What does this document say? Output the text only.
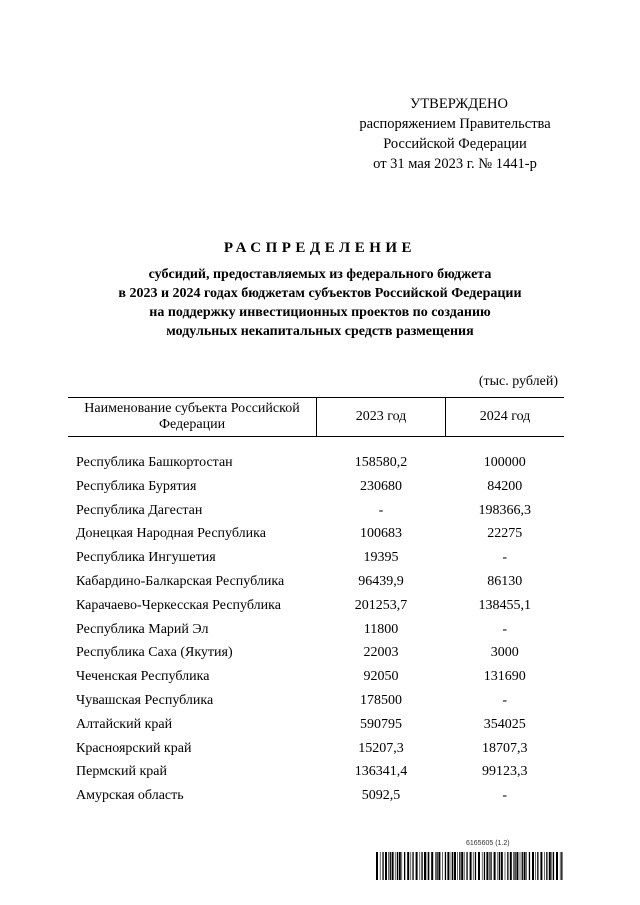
УТВЕРЖДЕНО
распоряжением Правительства
Российской Федерации
от 31 мая 2023 г. № 1441-р
РАСПРЕДЕЛЕНИЕ
субсидий, предоставляемых из федерального бюджета
в 2023 и 2024 годах бюджетам субъектов Российской Федерации
на поддержку инвестиционных проектов по созданию
модульных некапитальных средств размещения
(тыс. рублей)
Наименование субъекта Российской Федерации	2023 год	2024 год

Республика Башкортостан	158580,2	100000
Республика Бурятия	230680	84200
Республика Дагестан	-	198366,3
Донецкая Народная Республика	100683	22275
Республика Ингушетия	19395	-
Кабардино-Балкарская Республика	96439,9	86130
Карачаево-Черкесская Республика	201253,7	138455,1
Республика Марий Эл	11800	-
Республика Саха (Якутия)	22003	3000
Чеченская Республика	92050	131690
Чувашская Республика	178500	-
Алтайский край	590795	354025
Красноярский край	15207,3	18707,3
Пермский край	136341,4	99123,3
Амурская область	5092,5	-
6165605 (1.2)
